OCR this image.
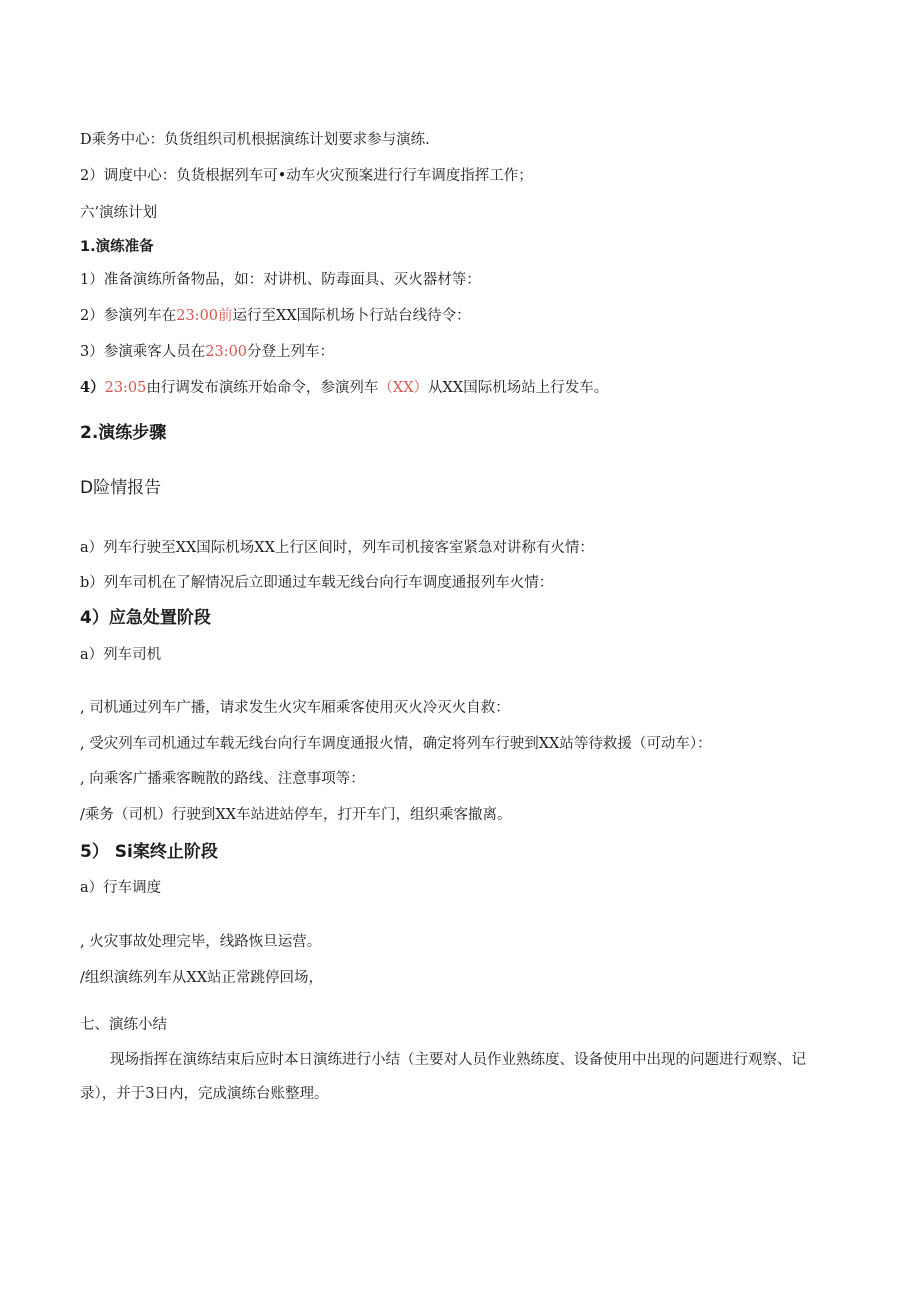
D乘务中心：负货组织司机根据演练计划要求参与演练.
2）调度中心：负货根据列车可•动车火灾预案进行行车调度指挥工作；
六’演练计划
1.演练准备
1）准备演练所备物品，如：对讲机、防毒面具、灭火器材等：
2）参演列车在23:00前运行至XX国际机场卜行站台线待令：
3）参演乘客人员在23:00分登上列车：
4）23:05由行调发布演练开始命令，参演列车（XX）从XX国际机场站上行发车。
2.演练步骤
D险情报告
a）列车行驶至XX国际机场XX上行区间时，列车司机接客室紧急对讲称有火情：
b）列车司机在了解情况后立即通过车载无线台向行车调度通报列车火情：
4）应急处置阶段
a）列车司机
, 司机通过列车广播，请求发生火灾车厢乘客使用灭火冷灭火自救：
, 受灾列车司机通过车载无线台向行车调度通报火情，确定将列车行驶到XX站等待救援（可动车）：
, 向乘客广播乘客畹散的路线、注意事项等：
/乘务（司机）行驶到XX车站进站停车，打开车门，组织乘客撤离。
5） Si案终止阶段
a）行车调度
, 火灾事故处理完毕，线路恢旦运营。
/组织演练列车从XX站正常跳停回场，
七、演练小结
现场指挥在演练结束后应时本日演练进行小结（主要对人员作业熟练度、设备使用中出现的问题进行观察、记录），并于3日内，完成演练台账整理。
